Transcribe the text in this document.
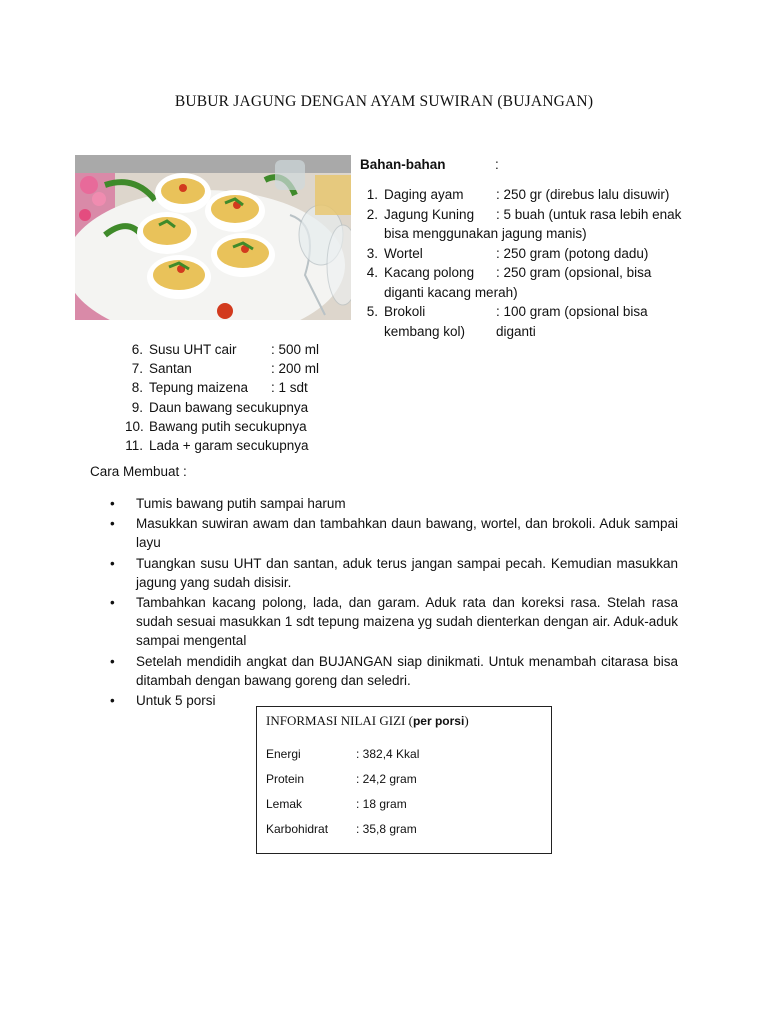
BUBUR JAGUNG DENGAN AYAM SUWIRAN (BUJANGAN)
Bahan-bahan	:
1. Daging ayam : 250 gr (direbus lalu disuwir)
2. Jagung Kuning : 5 buah (untuk rasa lebih enak
bisa menggunakan jagung manis)
3. Wortel	: 250 gram (potong dadu)
4. Kacang polong : 250 gram (opsional, bisa
diganti kacang merah)
5. Brokoli	: 100 gram (opsional bisa diganti
kembang kol)
6. Susu UHT cair	: 500 ml
7. Santan	: 200 ml
8. Tepung maizena : 1 sdt
9. Daun bawang secukupnya
10. Bawang putih secukupnya
11. Lada + garam secukupnya
Cara Membuat :
• Tumis bawang putih sampai harum
• Masukkan suwiran awam dan tambahkan daun bawang, wortel, dan brokoli. Aduk sampai layu
• Tuangkan susu UHT dan santan, aduk terus jangan sampai pecah. Kemudian masukkan jagung yang sudah disisir.
• Tambahkan kacang polong, lada, dan garam. Aduk rata dan koreksi rasa. Stelah rasa sudah sesuai masukkan 1 sdt tepung maizena yg sudah dienterkan dengan air. Aduk-aduk sampai mengental
• Setelah mendidih angkat dan BUJANGAN siap dinikmati. Untuk menambah citarasa bisa ditambah dengan bawang goreng dan seledri.
• Untuk 5 porsi
INFORMASI NILAI GIZI (per porsi)
Energi	: 382,4 Kkal
Protein	: 24,2 gram
Lemak	: 18 gram
Karbohidrat : 35,8 gram
